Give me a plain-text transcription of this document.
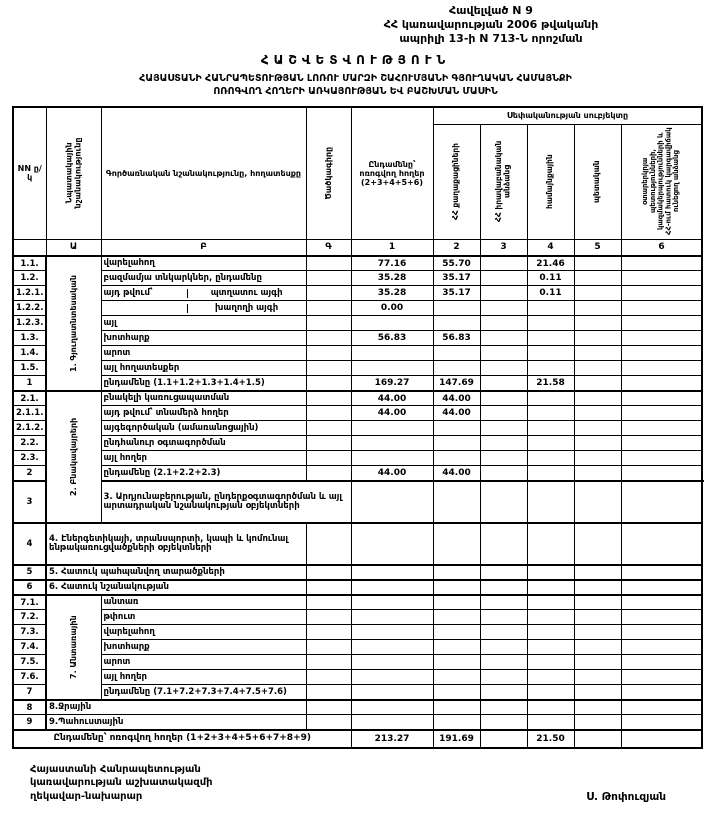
Հավելված N 9
ՀՀ կառավարության 2006 թվականի
ապրիլի 13-ի N 713-Ն որոշման
ՀԱՇՎԵՏՎՈՒԹՅՈՒՆ
ՀԱՅԱՍՏԱՆԻ ՀԱՆՐԱՊԵՏՈՒԹՅԱՆ ԼՈՌՈՒ ՄԱՐԶԻ ՇԱՀՈՒՄՅԱՆԻ ԳՅՈՒՂԱԿԱՆ ՀԱՄԱՅՆՔԻ
ՈՌՈԳՎՈՂ ՀՈՂԵՐԻ ԱՌԿԱՅՈՒԹՅԱՆ ԵՎ ԲԱՇԽՄԱՆ ՄԱՍԻՆ
NN ը/կ	Նպատակային նշանակությունը	Գործառնական նշանակությունը, հողատեսքը	Ծածկագիրը	Ընդամենը՝ ոռոգվող հողեր (2+3+4+5+6)	Սեփականության սուբյեկտը					
					ՀՀ քաղաքացիների	ՀՀ իրավաբանական անձանց	համայնքային	պետական	օտարերկրյա պետությունների, կազմակերպությունների և ՀՀ-ում հատուկ կարգավիճակ ունեցող անձանց	
	Ա	Բ	Գ	1	2	3	4	5	6	
1.1.	1. Գյուղատնտեսական	վարելահող		77.16	55.70		21.46			
1.2.		բազմամյա տնկարկներ, ընդամենը		35.28	35.17		0.11			
1.2.1.		այդ թվում՝ պտղատու այգի		35.28	35.17		0.11			
1.2.2.		խաղողի այգի		0.00						
1.2.3.		այլ								
1.3.		խոտհարք		56.83	56.83					
1.4.		արոտ								
1.5.		այլ հողատեսքեր								
1		ընդամենը (1.1+1.2+1.3+1.4+1.5)		169.27	147.69		21.58			
2.1.	2. Բնակավայրերի	բնակելի կառուցապատման		44.00	44.00					
2.1.1.		այդ թվում՝ տնամերձ հողեր		44.00	44.00					
2.1.2.		այգեգործական (ամառանոցային)								
2.2.		ընդհանուր օգտագործման								
2.3.		այլ հողեր								
2		ընդամենը (2.1+2.2+2.3)		44.00	44.00					
3		3. Արդյունաբերության, ընդերքօգտագործման և այլ արտադրական նշանակության օբյեկտների								
4	4. Էներգետիկայի, տրանսպորտի, կապի և կոմունալ ենթակառուցվածքների օբյեկտների									
5	5. Հատուկ պահպանվող տարածքների									
6	6. Հատուկ նշանակության									
7.1.	7. Անտառային	անտառ								
7.2.		թփուտ								
7.3.		վարելահող								
7.4.		խոտհարք								
7.5.		արոտ								
7.6.		այլ հողեր								
7		ընդամենը (7.1+7.2+7.3+7.4+7.5+7.6)								
8	8.Ջրային									
9	9.Պահուստային									
Ընդամենը՝ ոռոգվող հողեր (1+2+3+4+5+6+7+8+9)				213.27	191.69		21.50			
Հայաստանի Հանրապետության
կառավարության աշխատակազմի
ղեկավար-նախարար	Ս. Թոփուզյան
